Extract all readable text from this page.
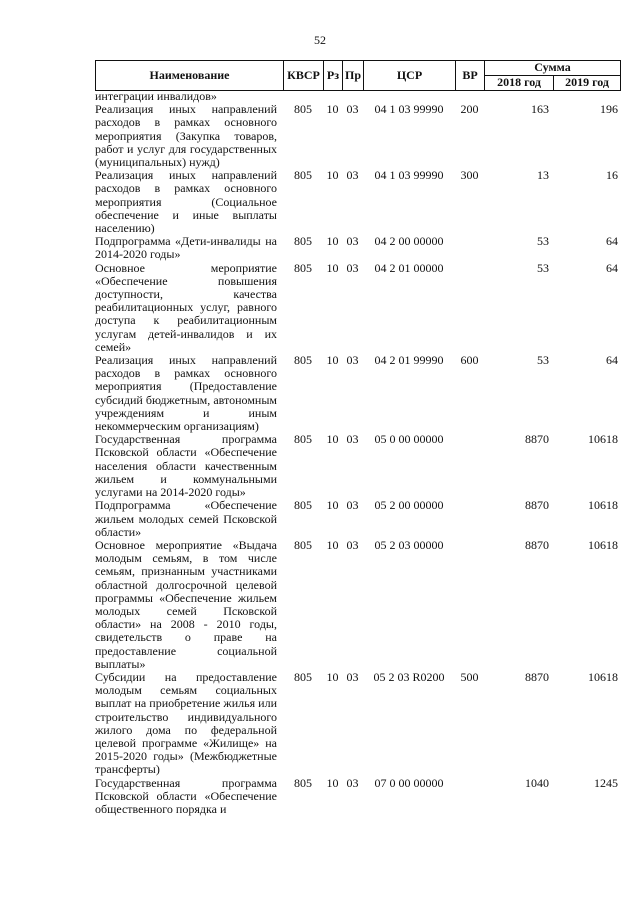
52
Наименование	КВСР	Рз	Пр	ЦСР	ВР	Сумма	
						2018 год	2019 год
интеграции инвалидов»							
Реализация иных направлений расходов в рамках основного мероприятия (Закупка товаров, работ и услуг для государственных (муниципальных) нужд)	805	10	03	04 1 03 99990	200	163	196
Реализация иных направлений расходов в рамках основного мероприятия (Социальное обеспечение и иные выплаты населению)	805	10	03	04 1 03 99990	300	13	16
Подпрограмма «Дети-инвалиды на 2014-2020 годы»	805	10	03	04 2 00 00000		53	64
Основное мероприятие «Обеспечение повышения доступности, качества реабилитационных услуг, равного доступа к реабилитационным услугам детей-инвалидов и их семей»	805	10	03	04 2 01 00000		53	64
Реализация иных направлений расходов в рамках основного мероприятия (Предоставление субсидий бюджетным, автономным учреждениям и иным некоммерческим организациям)	805	10	03	04 2 01 99990	600	53	64
Государственная программа Псковской области «Обеспечение населения области качественным жильем и коммунальными услугами на 2014-2020 годы»	805	10	03	05 0 00 00000		8870	10618
Подпрограмма «Обеспечение жильем молодых семей Псковской области»	805	10	03	05 2 00 00000		8870	10618
Основное мероприятие «Выдача молодым семьям, в том числе семьям, признанным участниками областной долгосрочной целевой программы «Обеспечение жильем молодых семей Псковской области» на 2008 - 2010 годы, свидетельств о праве на предоставление социальной выплаты»	805	10	03	05 2 03 00000		8870	10618
Субсидии на предоставление молодым семьям социальных выплат на приобретение жилья или строительство индивидуального жилого дома по федеральной целевой программе «Жилище» на 2015-2020 годы» (Межбюджетные трансферты)	805	10	03	05 2 03 R0200	500	8870	10618
Государственная программа Псковской области «Обеспечение общественного порядка и	805	10	03	07 0 00 00000		1040	1245
